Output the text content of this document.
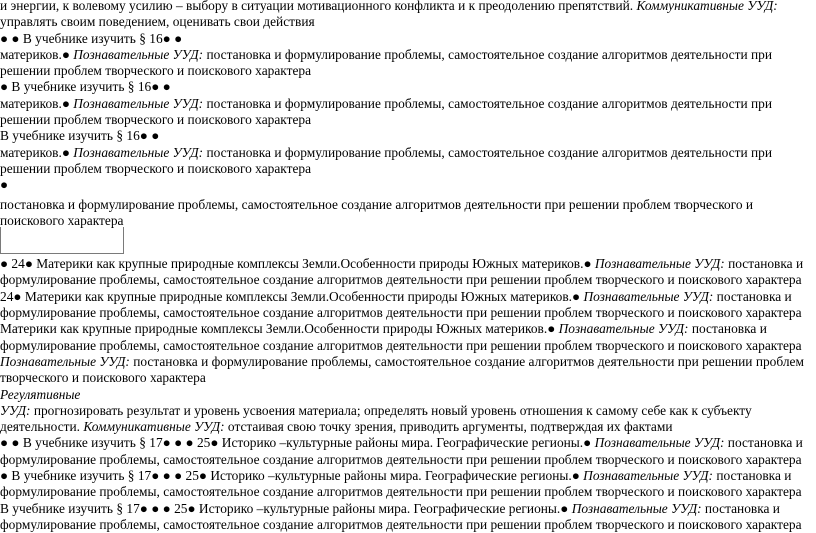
и энергии, к волевому усилию – выбору в ситуации мотивационного конфликта и к преодолению препятствий. Коммуникативные УУД:
управлять своим поведением, оценивать свои действия
● ● В учебнике изучить § 16● ●
материков.● Познавательные УУД: постановка и формулирование проблемы, самостоятельное создание алгоритмов деятельности при
решении проблем творческого и поискового характера
● В учебнике изучить § 16● ●
материков.● Познавательные УУД: постановка и формулирование проблемы, самостоятельное создание алгоритмов деятельности при
решении проблем творческого и поискового характера
В учебнике изучить § 16● ●
материков.● Познавательные УУД: постановка и формулирование проблемы, самостоятельное создание алгоритмов деятельности при
решении проблем творческого и поискового характера
●
постановка и формулирование проблемы, самостоятельное создание алгоритмов деятельности при решении проблем творческого и
поискового характера
● 24● Материки как крупные природные комплексы Земли.Особенности природы Южных материков.● Познавательные УУД: постановка и
формулирование проблемы, самостоятельное создание алгоритмов деятельности при решении проблем творческого и поискового характера
24● Материки как крупные природные комплексы Земли.Особенности природы Южных материков.● Познавательные УУД: постановка и
формулирование проблемы, самостоятельное создание алгоритмов деятельности при решении проблем творческого и поискового характера
Материки как крупные природные комплексы Земли.Особенности природы Южных материков.● Познавательные УУД: постановка и
формулирование проблемы, самостоятельное создание алгоритмов деятельности при решении проблем творческого и поискового характера
Познавательные УУД: постановка и формулирование проблемы, самостоятельное создание алгоритмов деятельности при решении проблем
творческого и поискового характера
Регулятивные
УУД: прогнозировать результат и уровень усвоения материала; определять новый уровень отношения к самому себе как к субъекту
деятельности. Коммуникативные УУД: отстаивая свою точку зрения, приводить аргументы, подтверждая их фактами
● ● В учебнике изучить § 17● ● ● 25● Историко –культурные районы мира. Географические регионы.● Познавательные УУД: постановка и
формулирование проблемы, самостоятельное создание алгоритмов деятельности при решении проблем творческого и поискового характера
● В учебнике изучить § 17● ● ● 25● Историко –культурные районы мира. Географические регионы.● Познавательные УУД: постановка и
формулирование проблемы, самостоятельное создание алгоритмов деятельности при решении проблем творческого и поискового характера
В учебнике изучить § 17● ● ● 25● Историко –культурные районы мира. Географические регионы.● Познавательные УУД: постановка и
формулирование проблемы, самостоятельное создание алгоритмов деятельности при решении проблем творческого и поискового характера
